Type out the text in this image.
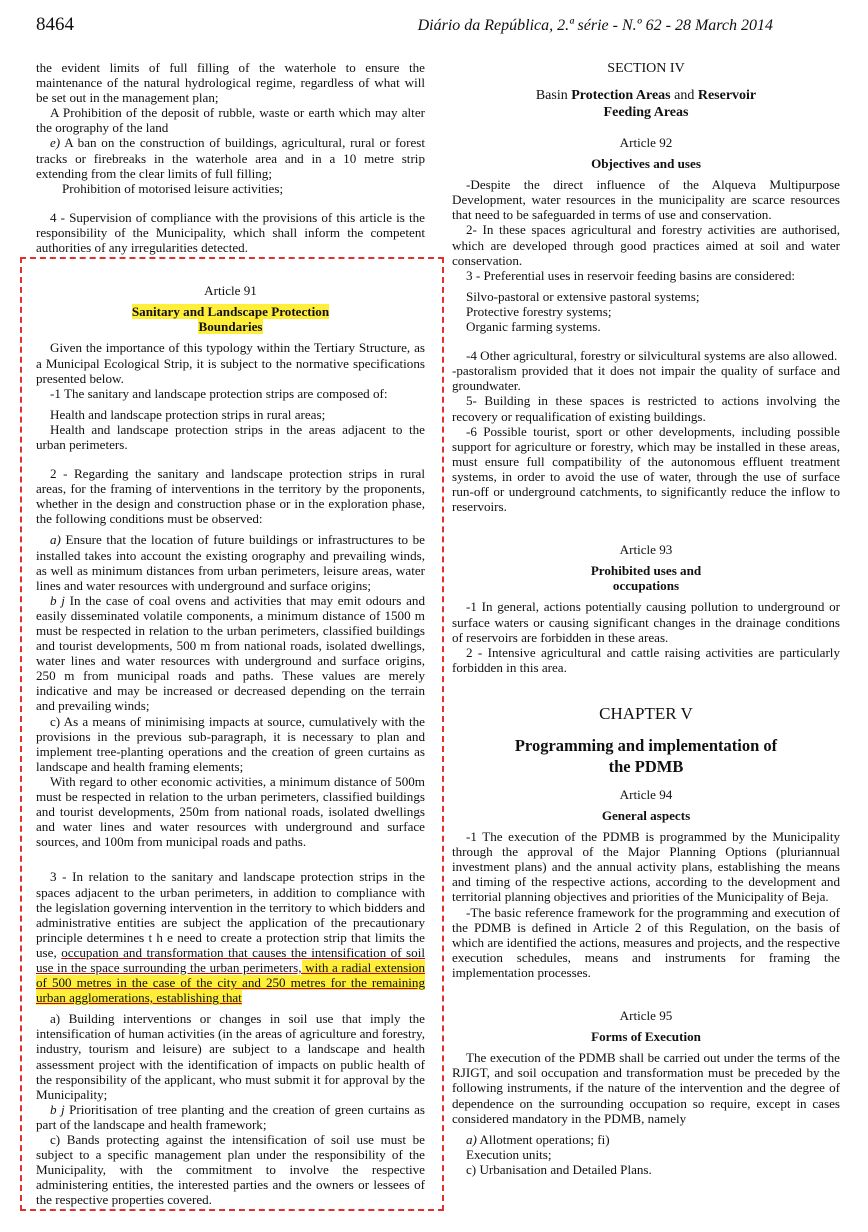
8464	Diário da República, 2.ª série - N.º 62 - 28 March 2014

the evident limits of full filling of the waterhole to ensure the maintenance of the natural hydrological regime, regardless of what will be set out in the management plan;

A Prohibition of the deposit of rubble, waste or earth which may alter the orography of the land

e) A ban on the construction of buildings, agricultural, rural or forest tracks or firebreaks in the waterhole area and in a 10 metre strip extending from the clear limits of full filling;

Prohibition of motorised leisure activities;

4 - Supervision of compliance with the provisions of this article is the responsibility of the Municipality, which shall inform the competent authorities of any irregularities detected.

Article 91

Sanitary and Landscape Protection
Boundaries

Given the importance of this typology within the Tertiary Structure, as a Municipal Ecological Strip, it is subject to the normative specifications presented below.

-1 The sanitary and landscape protection strips are composed of:

Health and landscape protection strips in rural areas;

Health and landscape protection strips in the areas adjacent to the urban perimeters.

2 - Regarding the sanitary and landscape protection strips in rural areas, for the framing of interventions in the territory by the proponents, whether in the design and construction phase or in the exploration phase, the following conditions must be observed:

a) Ensure that the location of future buildings or infrastructures to be installed takes into account the existing orography and prevailing winds, as well as minimum distances from urban perimeters, leisure areas, water lines and water resources with underground and surface origins;

b j In the case of coal ovens and activities that may emit odours and easily disseminated volatile components, a minimum distance of 1500 m must be respected in relation to the urban perimeters, classified buildings and tourist developments, 500 m from national roads, isolated dwellings, water lines and water resources with underground and surface origins, 250 m from municipal roads and paths. These values are merely indicative and may be increased or decreased depending on the terrain and prevailing winds;

c) As a means of minimising impacts at source, cumulatively with the provisions in the previous sub-paragraph, it is necessary to plan and implement tree-planting operations and the creation of green curtains as landscape and health framing elements;

With regard to other economic activities, a minimum distance of 500m must be respected in relation to the urban perimeters, classified buildings and tourist developments, 250m from national roads, isolated dwellings and water lines and water resources with underground and surface sources, and 100m from municipal roads and paths.

3 - In relation to the sanitary and landscape protection strips in the spaces adjacent to the urban perimeters, in addition to compliance with the legislation governing intervention in the territory to which bidders and administrative entities are subject the application of the precautionary principle determines t h e need to create a protection strip that limits the use, occupation and transformation that causes the intensification of soil use in the space surrounding the urban perimeters, with a radial extension of 500 metres in the case of the city and 250 metres for the remaining urban agglomerations, establishing that

a) Building interventions or changes in soil use that imply the intensification of human activities (in the areas of agriculture and forestry, industry, tourism and leisure) are subject to a landscape and health assessment project with the identification of impacts on public health of the responsibility of the applicant, who must submit it for approval by the Municipality;

b j Prioritisation of tree planting and the creation of green curtains as part of the landscape and health framework;

c) Bands protecting against the intensification of soil use must be subject to a specific management plan under the responsibility of the Municipality, with the commitment to involve the respective administering entities, the interested parties and the owners or lessees of the respective properties covered.

SECTION IV

Basin Protection Areas and Reservoir
Feeding Areas

Article 92

Objectives and uses

-Despite the direct influence of the Alqueva Multipurpose Development, water resources in the municipality are scarce resources that need to be safeguarded in terms of use and conservation.

2- In these spaces agricultural and forestry activities are authorised, which are developed through good practices aimed at soil and water conservation.

3 - Preferential uses in reservoir feeding basins are considered:

Silvo-pastoral or extensive pastoral systems;

Protective forestry systems;

Organic farming systems.

-4 Other agricultural, forestry or silvicultural systems are also allowed.

-pastoralism provided that it does not impair the quality of surface and groundwater.

5- Building in these spaces is restricted to actions involving the recovery or requalification of existing buildings.

-6 Possible tourist, sport or other developments, including possible support for agriculture or forestry, which may be installed in these areas, must ensure full compatibility of the autonomous effluent treatment systems, in order to avoid the use of water, through the use of surface run-off or underground catchments, to significantly reduce the inflow to reservoirs.

Article 93

Prohibited uses and
occupations

-1 In general, actions potentially causing pollution to underground or surface waters or causing significant changes in the drainage conditions of reservoirs are forbidden in these areas.

2 - Intensive agricultural and cattle raising activities are particularly forbidden in this area.

CHAPTER V

Programming and implementation of
the PDMB

Article 94

General aspects

-1 The execution of the PDMB is programmed by the Municipality through the approval of the Major Planning Options (pluriannual investment plans) and the annual activity plans, establishing the means and timing of the respective actions, according to the development and territorial planning objectives and priorities of the Municipality of Beja.

-The basic reference framework for the programming and execution of the PDMB is defined in Article 2 of this Regulation, on the basis of which are identified the actions, measures and projects, and the respective execution schedules, means and instruments for framing the implementation processes.

Article 95

Forms of Execution

The execution of the PDMB shall be carried out under the terms of the RJIGT, and soil occupation and transformation must be preceded by the following instruments, if the nature of the intervention and the degree of dependence on the surrounding occupation so require, except in cases considered mandatory in the PDMB, namely

a) Allotment operations; fi)

Execution units;

c) Urbanisation and Detailed Plans.
